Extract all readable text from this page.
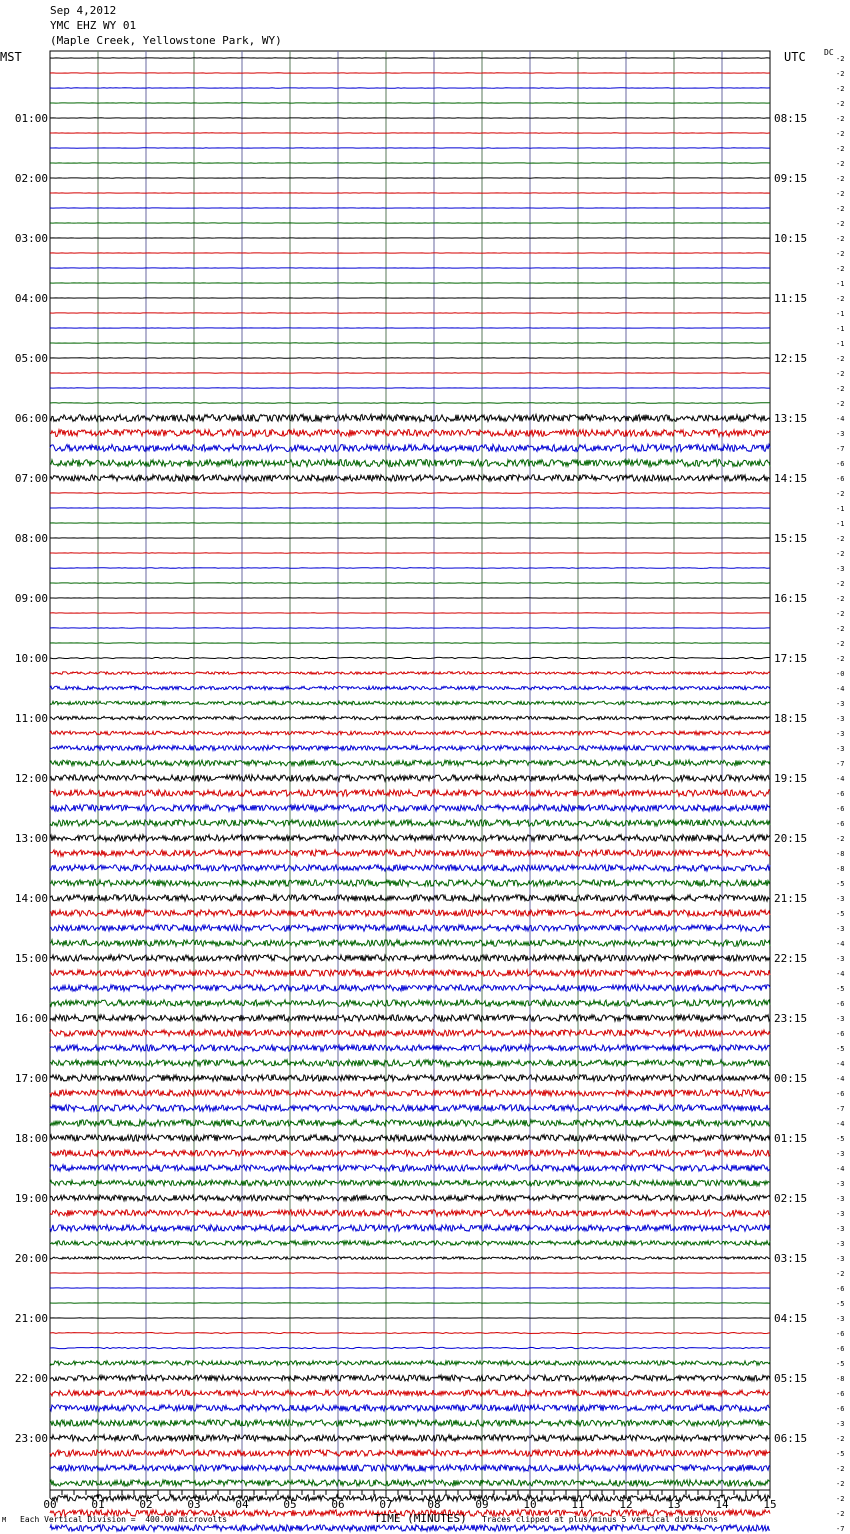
Sep 4,2012
YMC EHZ WY 01
(Maple Creek, Yellowstone Park, WY)
MST	UTC DC
01:00
02:00
03:00
04:00
05:00
06:00
07:00
08:00
09:00
10:00
11:00
12:00
13:00
14:00
15:00
16:00
17:00
18:00
19:00
20:00
21:00
22:00
23:00
08:15
09:15
10:15
11:15
12:15
13:15
14:15
15:15
16:15
17:15
18:15
19:15
20:15
21:15
22:15
23:15
00:15
01:15
02:15
03:15
04:15
05:15
06:15
-2
-2
-2
-2
-2
-2
-2
-2
-2
-2
-2
-2
-2
-2
-2
-1
-2
-1
-1
-1
-2
-2
-2
-2
-4
-3
-7
-6
-6
-2
-1
-1
-2
-2
-3
-2
-2
-2
-2
-2
-2
-0
-4
-3
-3
-3
-3
-7
-4
-6
-6
-6
-2
-8
-8
-5
-3
-5
-3
-4
-3
-4
-5
-6
-3
-6
-5
-4
-4
-6
-7
-4
-5
-3
-4
-3
-3
-3
-3
-3
-3
-2
-6
-5
-3
-6
-6
-5
-8
-6
-6
-3
-2
-5
-2
-2
-2
-2
-7
00	01	02	03	04	05	06	07	08	09	10	11	12	13	14	15
M Each Vertical Division =  400.00 microvolts	TIME (MINUTES) Traces clipped at plus/minus 5 vertical divisions
